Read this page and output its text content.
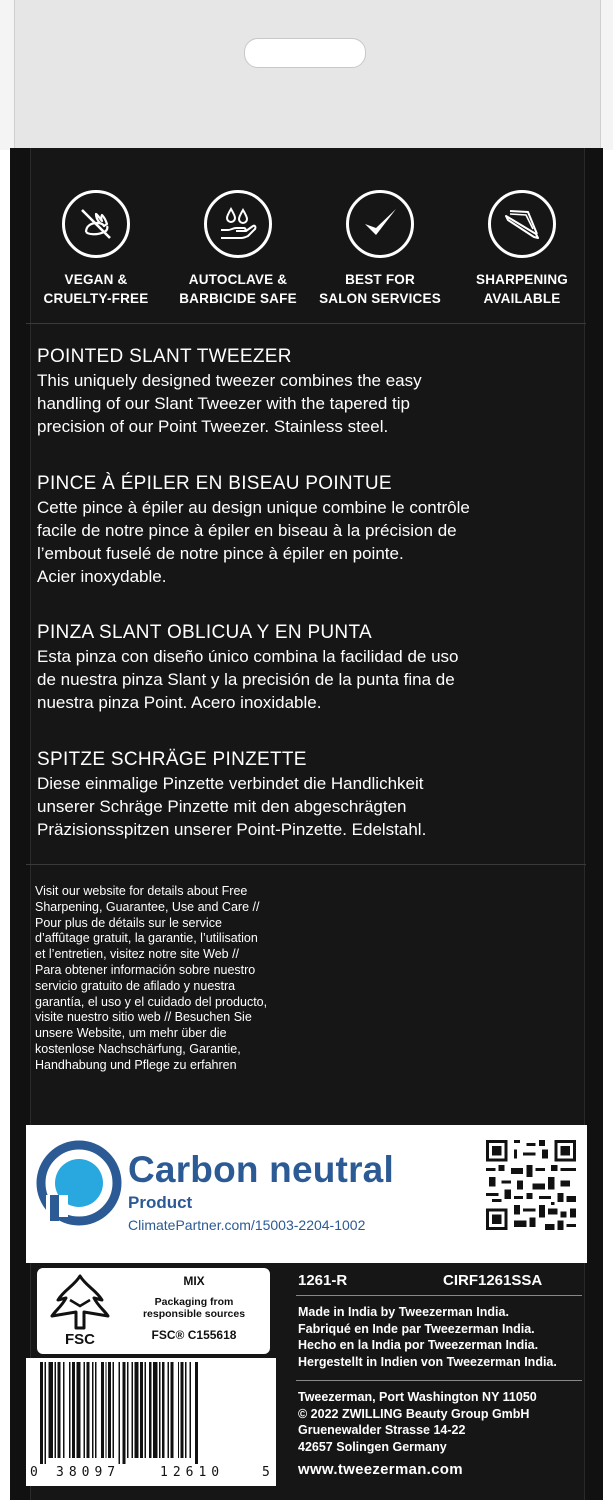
VEGAN &
CRUELTY-FREE
AUTOCLAVE &
BARBICIDE SAFE
BEST FOR
SALON SERVICES
SHARPENING
AVAILABLE
POINTED SLANT TWEEZER

This uniquely designed tweezer combines the easy

handling of our Slant Tweezer with the tapered tip

precision of our Point Tweezer. Stainless steel.

PINCE À ÉPILER EN BISEAU POINTUE

Cette pince à épiler au design unique combine le contrôle

facile de notre pince à épiler en biseau à la précision de

l’embout fuselé de notre pince à épiler en pointe.

Acier inoxydable.

PINZA SLANT OBLICUA Y EN PUNTA

Esta pinza con diseño único combina la facilidad de uso

de nuestra pinza Slant y la precisión de la punta fina de

nuestra pinza Point. Acero inoxidable.

SPITZE SCHRÄGE PINZETTE

Diese einmalige Pinzette verbindet die Handlichkeit

unserer Schräge Pinzette mit den abgeschrägten

Präzisionsspitzen unserer Point-Pinzette. Edelstahl.

Visit our website for details about Free
Sharpening, Guarantee, Use and Care //
Pour plus de détails sur le service
d’affûtage gratuit, la garantie, l’utilisation
et l’entretien, visitez notre site Web //
Para obtener información sobre nuestro
servicio gratuito de afilado y nuestra
garantía, el uso y el cuidado del producto,
visite nuestro sitio web // Besuchen Sie
unsere Website, um mehr über die
kostenlose Nachschärfung, Garantie,
Handhabung und Pflege zu erfahren
Carbon neutral
Product
ClimatePartner.com/15003-2204-1002
FSC
MIX
Packaging from
responsible sources
FSC® C155618
1261-R	CIRF1261SSA
Made in India by Tweezerman India.
Fabriqué en Inde par Tweezerman India.
Hecho en la India por Tweezerman India.
Hergestellt in Indien von Tweezerman India.
Tweezerman, Port Washington NY 11050
© 2022 ZWILLING Beauty Group GmbH
Gruenewalder Strasse 14-22
42657 Solingen Germany
www.tweezerman.com
0 38097	12610	5
